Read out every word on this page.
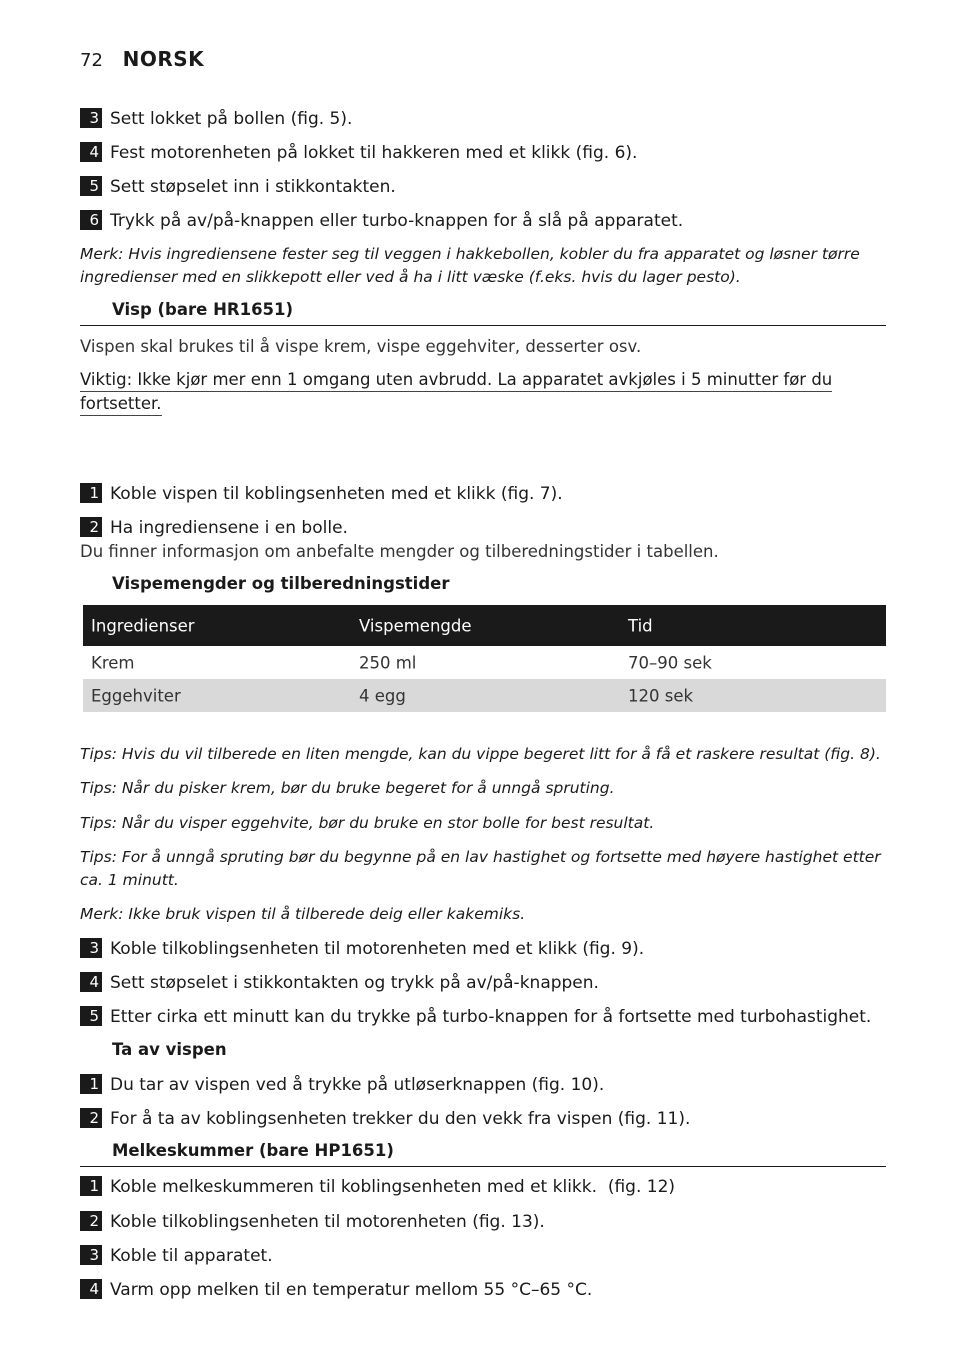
72 NORSK
3 Sett lokket på bollen (fig. 5).
4 Fest motorenheten på lokket til hakkeren med et klikk (fig. 6).
5 Sett støpselet inn i stikkontakten.
6 Trykk på av/på-knappen eller turbo-knappen for å slå på apparatet.
Merk: Hvis ingrediensene fester seg til veggen i hakkebollen, kobler du fra apparatet og løsner tørre ingredienser med en slikkepott eller ved å ha i litt væske (f.eks. hvis du lager pesto).
Visp (bare HR1651)
Vispen skal brukes til å vispe krem, vispe eggehviter, desserter osv.
Viktig: Ikke kjør mer enn 1 omgang uten avbrudd. La apparatet avkjøles i 5 minutter før du
fortsetter.
1 Koble vispen til koblingsenheten med et klikk (fig. 7).
2 Ha ingrediensene i en bolle.
Du finner informasjon om anbefalte mengder og tilberedningstider i tabellen.
Vispemengder og tilberedningstider
Ingredienser	Vispemengde	Tid
Krem	250 ml	70–90 sek
Eggehviter	4 egg	120 sek
Tips: Hvis du vil tilberede en liten mengde, kan du vippe begeret litt for å få et raskere resultat (fig. 8).
Tips: Når du pisker krem, bør du bruke begeret for å unngå spruting.
Tips: Når du visper eggehvite, bør du bruke en stor bolle for best resultat.
Tips: For å unngå spruting bør du begynne på en lav hastighet og fortsette med høyere hastighet etter ca. 1 minutt.
Merk: Ikke bruk vispen til å tilberede deig eller kakemiks.
3 Koble tilkoblingsenheten til motorenheten med et klikk (fig. 9).
4 Sett støpselet i stikkontakten og trykk på av/på-knappen.
5 Etter cirka ett minutt kan du trykke på turbo-knappen for å fortsette med turbohastighet.
Ta av vispen
1 Du tar av vispen ved å trykke på utløserknappen (fig. 10).
2 For å ta av koblingsenheten trekker du den vekk fra vispen (fig. 11).
Melkeskummer (bare HP1651)
1 Koble melkeskummeren til koblingsenheten med et klikk.  (fig. 12)
2 Koble tilkoblingsenheten til motorenheten (fig. 13).
3 Koble til apparatet.
4 Varm opp melken til en temperatur mellom 55 °C–65 °C.
